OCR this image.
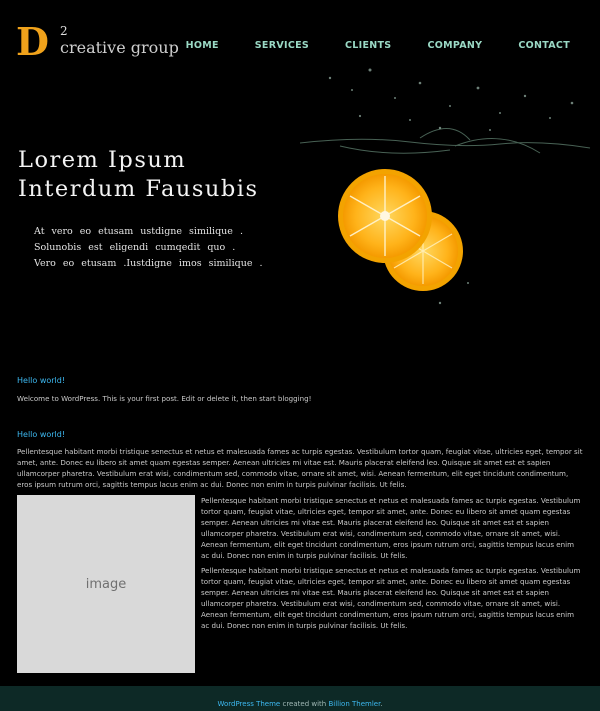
D 2
creative group HOME	SERVICES	CLIENTS	COMPANY	CONTACT
Lorem Ipsum
Interdum Fausubis
At vero eo etusam ustdigne similique .
Solunobis est eligendi cumqedit quo .
Vero eo etusam .Iustdigne imos similique .
Hello world!
Welcome to WordPress. This is your first post. Edit or delete it, then start blogging!
Hello world!
Pellentesque habitant morbi tristique senectus et netus et malesuada fames ac turpis egestas. Vestibulum tortor quam, feugiat vitae, ultricies eget, tempor sit amet, ante. Donec eu libero sit amet quam egestas semper. Aenean ultricies mi vitae est. Mauris placerat eleifend leo. Quisque sit amet est et sapien ullamcorper pharetra. Vestibulum erat wisi, condimentum sed, commodo vitae, ornare sit amet, wisi. Aenean fermentum, elit eget tincidunt condimentum, eros ipsum rutrum orci, sagittis tempus lacus enim ac dui. Donec non enim in turpis pulvinar facilisis. Ut felis.
image
Pellentesque habitant morbi tristique senectus et netus et malesuada fames ac turpis egestas. Vestibulum tortor quam, feugiat vitae, ultricies eget, tempor sit amet, ante. Donec eu libero sit amet quam egestas semper. Aenean ultricies mi vitae est. Mauris placerat eleifend leo. Quisque sit amet est et sapien ullamcorper pharetra. Vestibulum erat wisi, condimentum sed, commodo vitae, ornare sit amet, wisi. Aenean fermentum, elit eget tincidunt condimentum, eros ipsum rutrum orci, sagittis tempus lacus enim ac dui. Donec non enim in turpis pulvinar facilisis. Ut felis.
Pellentesque habitant morbi tristique senectus et netus et malesuada fames ac turpis egestas. Vestibulum tortor quam, feugiat vitae, ultricies eget, tempor sit amet, ante. Donec eu libero sit amet quam egestas semper. Aenean ultricies mi vitae est. Mauris placerat eleifend leo. Quisque sit amet est et sapien ullamcorper pharetra. Vestibulum erat wisi, condimentum sed, commodo vitae, ornare sit amet, wisi. Aenean fermentum, elit eget tincidunt condimentum, eros ipsum rutrum orci, sagittis tempus lacus enim ac dui. Donec non enim in turpis pulvinar facilisis. Ut felis.
WordPress Theme created with Billion Themler.
